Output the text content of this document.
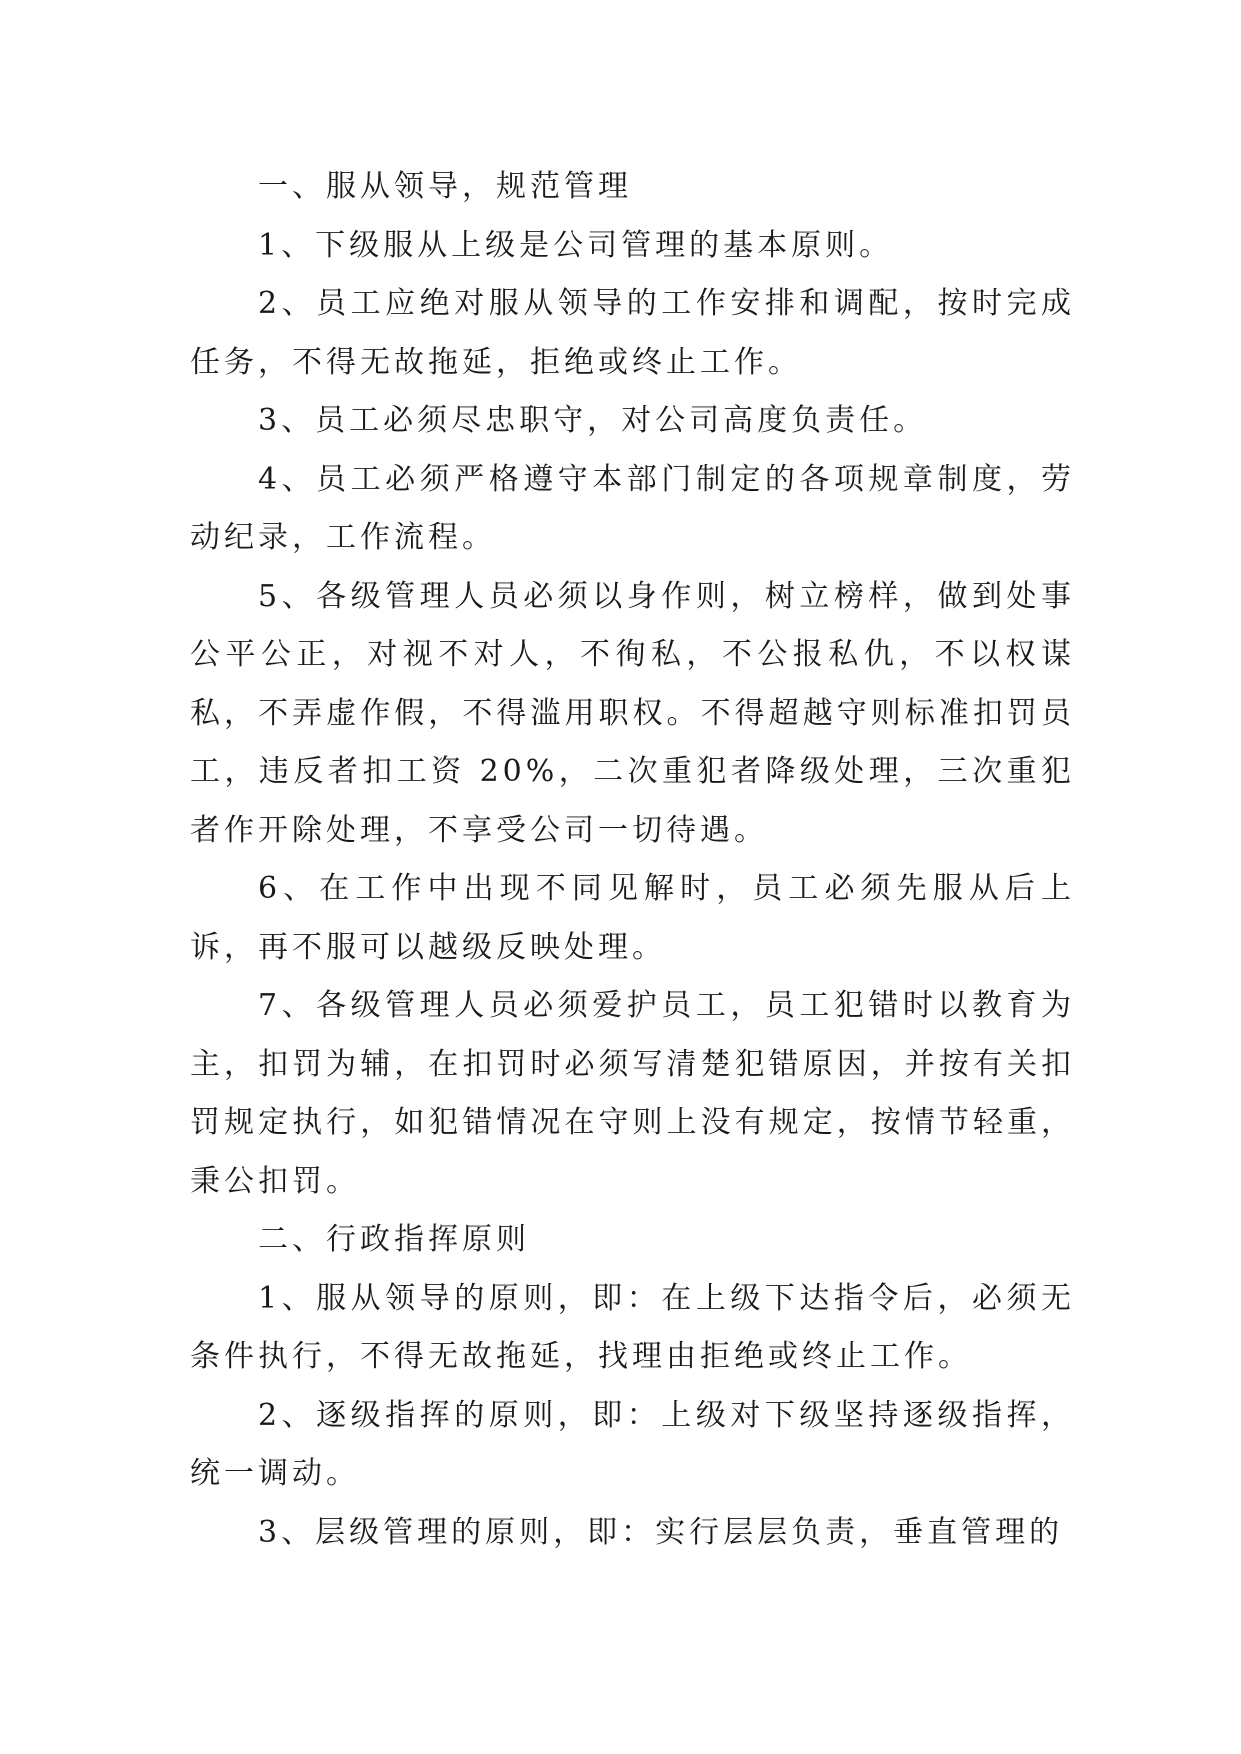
一、服从领导，规范管理

1、下级服从上级是公司管理的基本原则。

2、员工应绝对服从领导的工作安排和调配，按时完成任务，不得无故拖延，拒绝或终止工作。

3、员工必须尽忠职守，对公司高度负责任。

4、员工必须严格遵守本部门制定的各项规章制度，劳动纪录，工作流程。

5、各级管理人员必须以身作则，树立榜样，做到处事公平公正，对视不对人，不徇私，不公报私仇，不以权谋私，不弄虚作假，不得滥用职权。不得超越守则标准扣罚员工，违反者扣工资 20%，二次重犯者降级处理，三次重犯者作开除处理，不享受公司一切待遇。

6、在工作中出现不同见解时，员工必须先服从后上诉，再不服可以越级反映处理。

7、各级管理人员必须爱护员工，员工犯错时以教育为主，扣罚为辅，在扣罚时必须写清楚犯错原因，并按有关扣罚规定执行，如犯错情况在守则上没有规定，按情节轻重，秉公扣罚。

二、行政指挥原则

1、服从领导的原则，即：在上级下达指令后，必须无条件执行，不得无故拖延，找理由拒绝或终止工作。

2、逐级指挥的原则，即：上级对下级坚持逐级指挥，统一调动。

3、层级管理的原则，即：实行层层负责，垂直管理的
